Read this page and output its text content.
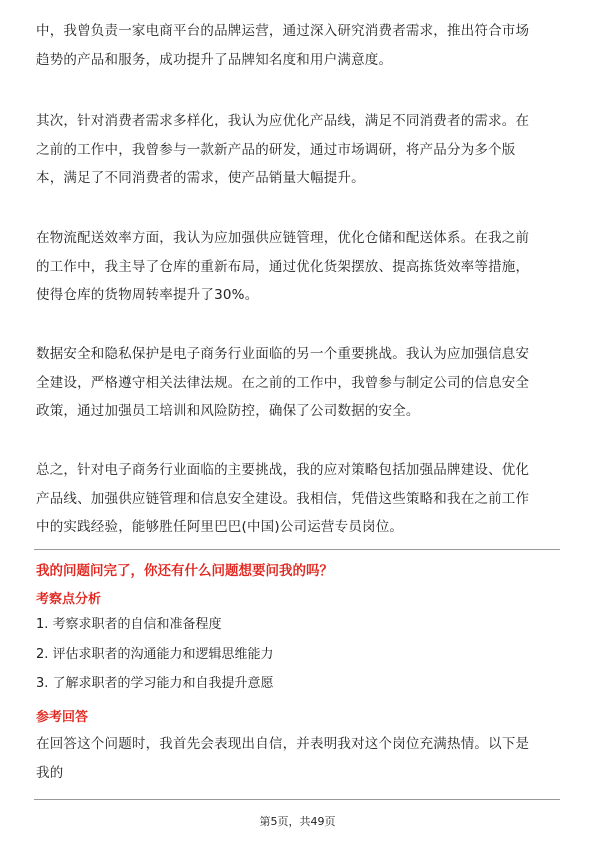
中，我曾负责一家电商平台的品牌运营，通过深入研究消费者需求，推出符合市场

趋势的产品和服务，成功提升了品牌知名度和用户满意度。

其次，针对消费者需求多样化，我认为应优化产品线，满足不同消费者的需求。在

之前的工作中，我曾参与一款新产品的研发，通过市场调研，将产品分为多个版

本，满足了不同消费者的需求，使产品销量大幅提升。

在物流配送效率方面，我认为应加强供应链管理，优化仓储和配送体系。在我之前

的工作中，我主导了仓库的重新布局，通过优化货架摆放、提高拣货效率等措施，

使得仓库的货物周转率提升了30%。

数据安全和隐私保护是电子商务行业面临的另一个重要挑战。我认为应加强信息安

全建设，严格遵守相关法律法规。在之前的工作中，我曾参与制定公司的信息安全

政策，通过加强员工培训和风险防控，确保了公司数据的安全。

总之，针对电子商务行业面临的主要挑战，我的应对策略包括加强品牌建设、优化

产品线、加强供应链管理和信息安全建设。我相信，凭借这些策略和我在之前工作

中的实践经验，能够胜任阿里巴巴(中国)公司运营专员岗位。

我的问题问完了，你还有什么问题想要问我的吗？
考察点分析
1. 考察求职者的自信和准备程度
2. 评估求职者的沟通能力和逻辑思维能力
3. 了解求职者的学习能力和自我提升意愿
参考回答

在回答这个问题时，我首先会表现出自信，并表明我对这个岗位充满热情。以下是

我的

第5页，共49页
